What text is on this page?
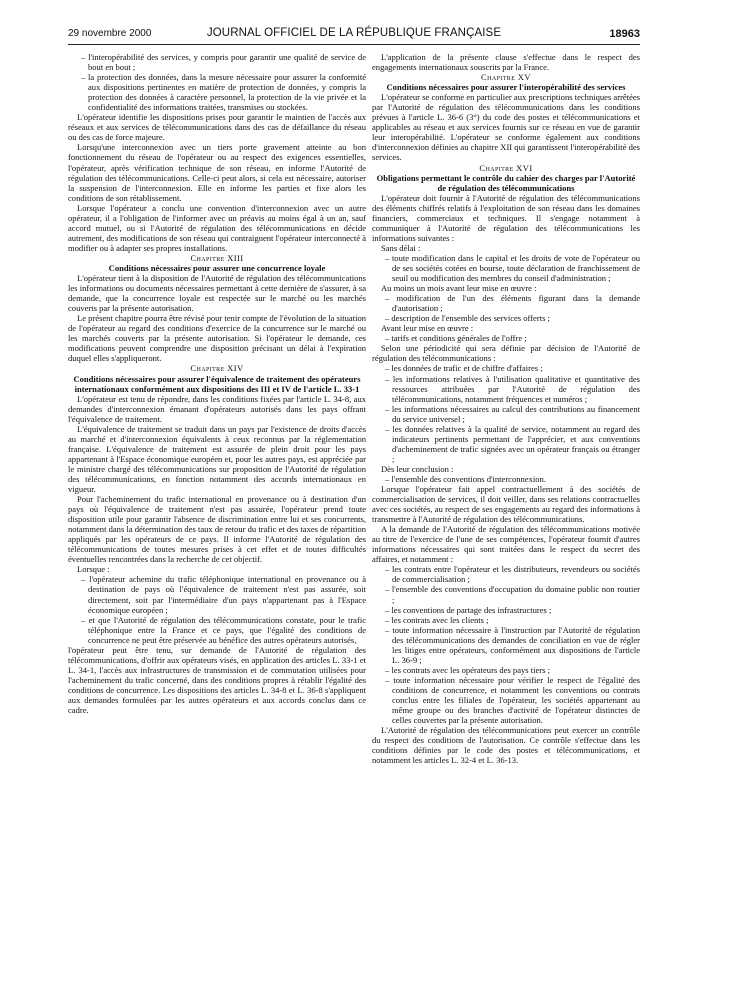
29 novembre 2000	JOURNAL OFFICIEL DE LA RÉPUBLIQUE FRANÇAISE	18963

– l'interopérabilité des services, y compris pour garantir une qualité de service de bout en bout ;

– la protection des données, dans la mesure nécessaire pour assurer la conformité aux dispositions pertinentes en matière de protection de données, y compris la protection des données à caractère personnel, la protection de la vie privée et la confidentialité des informations traitées, transmises ou stockées.

L'opérateur identifie les dispositions prises pour garantir le maintien de l'accès aux réseaux et aux services de télécommunications dans des cas de défaillance du réseau ou des cas de force majeure.

Lorsqu'une interconnexion avec un tiers porte gravement atteinte au bon fonctionnement du réseau de l'opérateur ou au respect des exigences essentielles, l'opérateur, après vérification technique de son réseau, en informe l'Autorité de régulation des télécommunications. Celle-ci peut alors, si cela est nécessaire, autoriser la suspension de l'interconnexion. Elle en informe les parties et fixe alors les conditions de son rétablissement.

Lorsque l'opérateur a conclu une convention d'interconnexion avec un autre opérateur, il a l'obligation de l'informer avec un préavis au moins égal à un an, sauf accord mutuel, ou si l'Autorité de régulation des télécommunications en décide autrement, des modifications de son réseau qui contraignent l'opérateur interconnecté à modifier ou à adapter ses propres installations.

Chapitre XIII

Conditions nécessaires pour assurer une concurrence loyale

L'opérateur tient à la disposition de l'Autorité de régulation des télécommunications les informations ou documents nécessaires permettant à cette dernière de s'assurer, à sa demande, que la concurrence loyale est respectée sur le marché ou les marchés couverts par la présente autorisation.

Le présent chapitre pourra être révisé pour tenir compte de l'évolution de la situation de l'opérateur au regard des conditions d'exercice de la concurrence sur le marché ou les marchés couverts par la présente autorisation. Si l'opérateur le demande, ces modifications peuvent comprendre une disposition précisant un délai à l'expiration duquel elles s'appliqueront.

Chapitre XIV

Conditions nécessaires pour assurer l'équivalence de traitement des opérateurs internationaux conformément aux dispositions des III et IV de l'article L. 33-1

L'opérateur est tenu de répondre, dans les conditions fixées par l'article L. 34-8, aux demandes d'interconnexion émanant d'opérateurs autorisés dans les pays offrant l'équivalence de traitement.

L'équivalence de traitement se traduit dans un pays par l'existence de droits d'accès au marché et d'interconnexion équivalents à ceux reconnus par la réglementation française. L'équivalence de traitement est assurée de plein droit pour les pays appartenant à l'Espace économique européen et, pour les autres pays, est appréciée par le ministre chargé des télécommunications sur proposition de l'Autorité de régulation des télécommunications, en fonction notamment des accords internationaux en vigueur.

Pour l'acheminement du trafic international en provenance ou à destination d'un pays où l'équivalence de traitement n'est pas assurée, l'opérateur prend toute disposition utile pour garantir l'absence de discrimination entre lui et ses concurrents, notamment dans la détermination des taux de retour du trafic et des taxes de répartition appliqués par les opérateurs de ce pays. Il informe l'Autorité de régulation des télécommunications de toutes mesures prises à cet effet et de toutes difficultés éventuelles rencontrées dans la recherche de cet objectif.

Lorsque :

– l'opérateur achemine du trafic téléphonique international en provenance ou à destination de pays où l'équivalence de traitement n'est pas assurée, soit directement, soit par l'intermédiaire d'un pays n'appartenant pas à l'Espace économique européen ;

– et que l'Autorité de régulation des télécommunications constate, pour le trafic téléphonique entre la France et ce pays, que l'égalité des conditions de concurrence ne peut être préservée au bénéfice des autres opérateurs autorisés,

l'opérateur peut être tenu, sur demande de l'Autorité de régulation des télécommunications, d'offrir aux opérateurs visés, en application des articles L. 33-1 et L. 34-1, l'accès aux infrastructures de transmission et de commutation utilisées pour l'acheminement du trafic concerné, dans des conditions propres à rétablir l'égalité des conditions de concurrence. Les dispositions des articles L. 34-8 et L. 36-8 s'appliquent aux demandes formulées par les autres opérateurs et aux accords conclus dans ce cadre.

L'application de la présente clause s'effectue dans le respect des engagements internationaux souscrits par la France.

Chapitre XV

Conditions nécessaires pour assurer l'interopérabilité des services

L'opérateur se conforme en particulier aux prescriptions techniques arrêtées par l'Autorité de régulation des télécommunications dans les conditions prévues à l'article L. 36-6 (3°) du code des postes et télécommunications et applicables au réseau et aux services fournis sur ce réseau en vue de garantir leur interopérabilité. L'opérateur se conforme également aux conditions d'interconnexion définies au chapitre XII qui garantissent l'interopérabilité des services.

Chapitre XVI

Obligations permettant le contrôle du cahier des charges par l'Autorité de régulation des télécommunications

L'opérateur doit fournir à l'Autorité de régulation des télécommunications des éléments chiffrés relatifs à l'exploitation de son réseau dans les domaines financiers, commerciaux et techniques. Il s'engage notamment à communiquer à l'Autorité de régulation des télécommunications les informations suivantes :

Sans délai :

– toute modification dans le capital et les droits de vote de l'opérateur ou de ses sociétés cotées en bourse, toute déclaration de franchissement de seuil ou modification des membres du conseil d'administration ;

Au moins un mois avant leur mise en œuvre :

– modification de l'un des éléments figurant dans la demande d'autorisation ;

– description de l'ensemble des services offerts ;

Avant leur mise en œuvre :

– tarifs et conditions générales de l'offre ;

Selon une périodicité qui sera définie par décision de l'Autorité de régulation des télécommunications :

– les données de trafic et de chiffre d'affaires ;

– les informations relatives à l'utilisation qualitative et quantitative des ressources attribuées par l'Autorité de régulation des télécommunications, notamment fréquences et numéros ;

– les informations nécessaires au calcul des contributions au financement du service universel ;

– les données relatives à la qualité de service, notamment au regard des indicateurs pertinents permettant de l'apprécier, et aux conventions d'acheminement de trafic signées avec un opérateur français ou étranger ;

Dès leur conclusion :

– l'ensemble des conventions d'interconnexion.

Lorsque l'opérateur fait appel contractuellement à des sociétés de commercialisation de services, il doit veiller, dans ses relations contractuelles avec ces sociétés, au respect de ses engagements au regard des informations à transmettre à l'Autorité de régulation des télécommunications.

A la demande de l'Autorité de régulation des télécommunications motivée au titre de l'exercice de l'une de ses compétences, l'opérateur fournit d'autres informations nécessaires qui sont traitées dans le respect du secret des affaires, et notamment :

– les contrats entre l'opérateur et les distributeurs, revendeurs ou sociétés de commercialisation ;

– l'ensemble des conventions d'occupation du domaine public non routier ;

– les conventions de partage des infrastructures ;

– les contrats avec les clients ;

– toute information nécessaire à l'instruction par l'Autorité de régulation des télécommunications des demandes de conciliation en vue de régler les litiges entre opérateurs, conformément aux dispositions de l'article L. 36-9 ;

– les contrats avec les opérateurs des pays tiers ;

– toute information nécessaire pour vérifier le respect de l'égalité des conditions de concurrence, et notamment les conventions ou contrats conclus entre les filiales de l'opérateur, les sociétés appartenant au même groupe ou des branches d'activité de l'opérateur distinctes de celles couvertes par la présente autorisation.

L'Autorité de régulation des télécommunications peut exercer un contrôle du respect des conditions de l'autorisation. Ce contrôle s'effectue dans les conditions définies par le code des postes et télécommunications, et notamment les articles L. 32-4 et L. 36-13.
